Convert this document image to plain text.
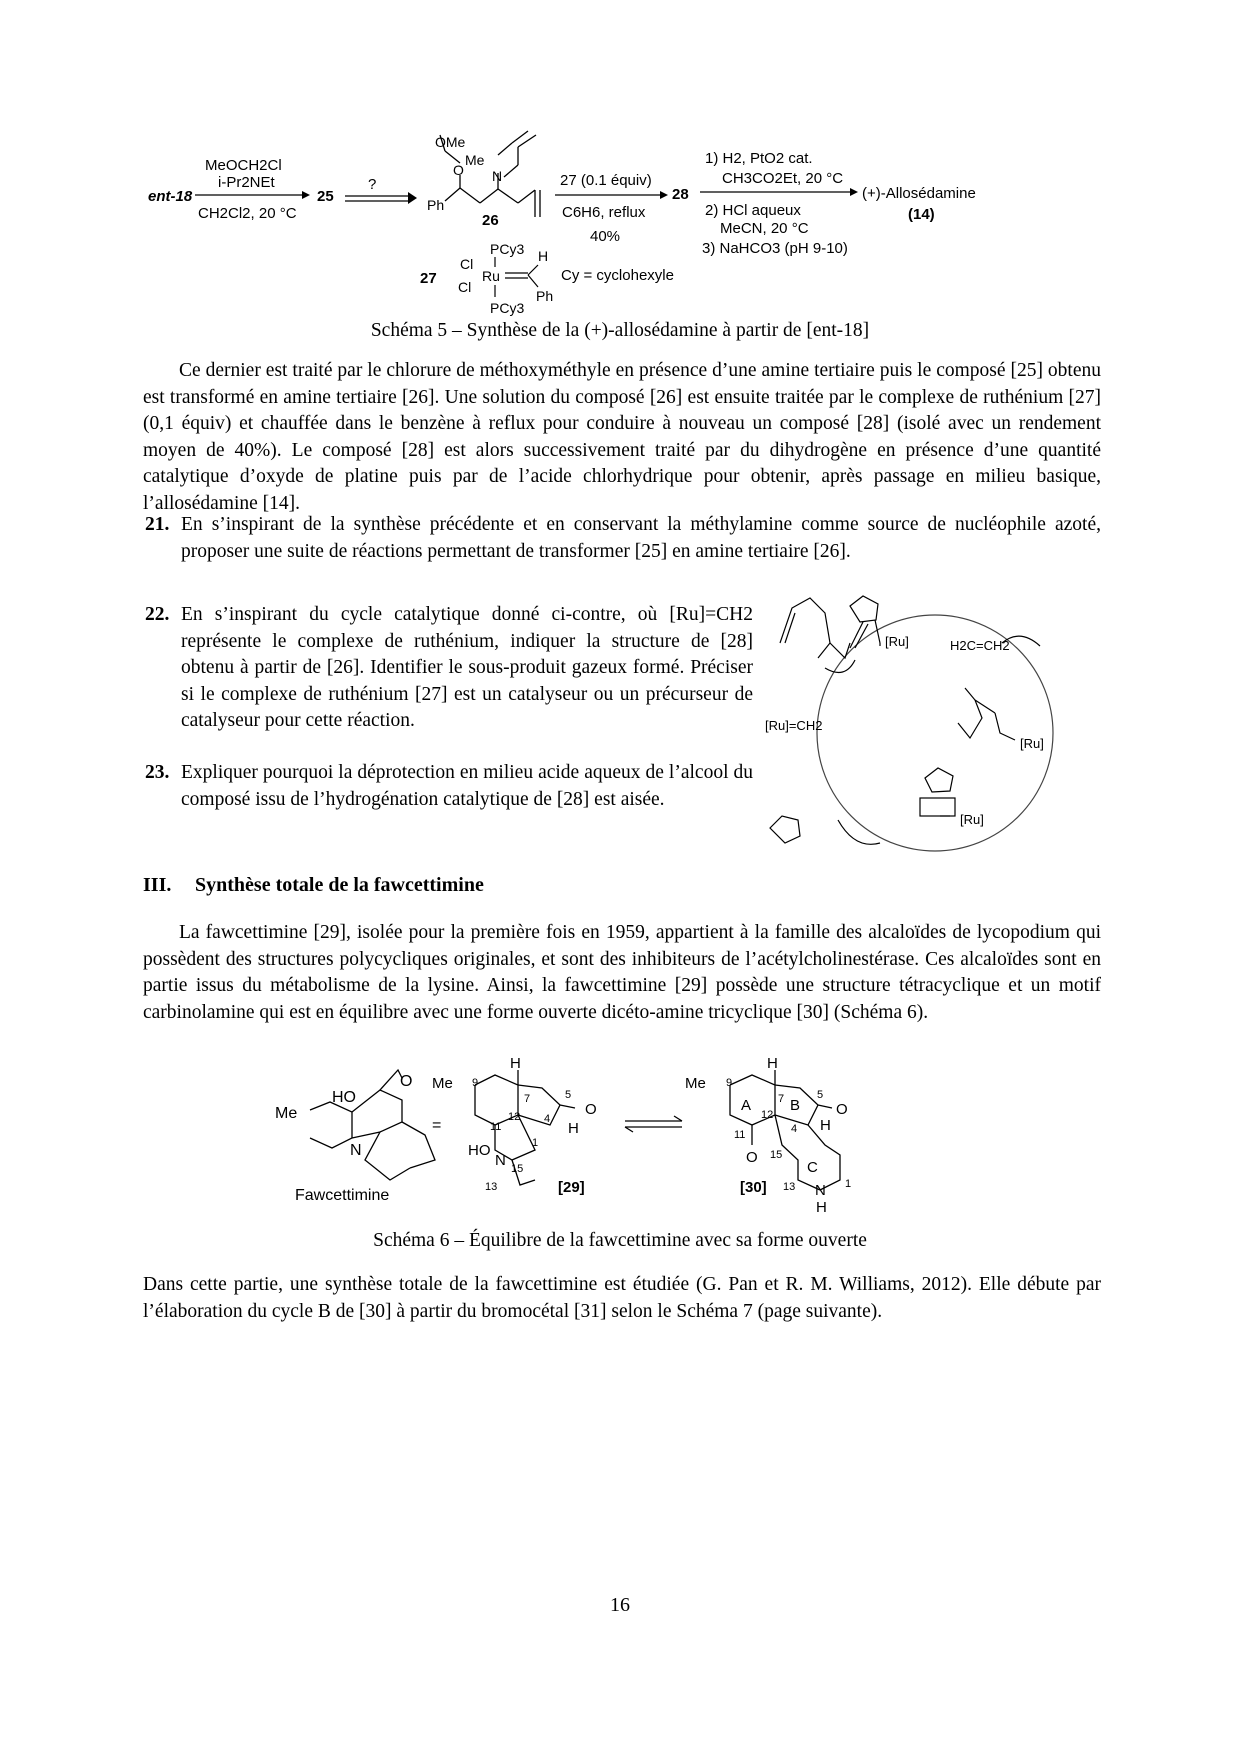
ent-18
MeOCH2Cl
i-Pr2NEt
CH2Cl2, 20 °C
25
?
OMe
O
Me
N
Ph
26
27 (0.1 équiv)
C6H6, reflux
40%
28
1) H2, PtO2 cat.
CH3CO2Et, 20 °C
2) HCl aqueux
MeCN, 20 °C
3) NaHCO3 (pH 9-10)
(+)-Allosédamine
(14)
27
PCy3 H
Cl
Ru
Cl
Ph
PCy3
Cy = cyclohexyle
Schéma 5 – Synthèse de la (+)-allosédamine à partir de [ent-18]
Ce dernier est traité par le chlorure de méthoxyméthyle en présence d’une amine tertiaire puis le composé [25] obtenu est transformé en amine tertiaire [26]. Une solution du composé [26] est ensuite traitée par le complexe de ruthénium [27] (0,1 équiv) et chauffée dans le benzène à reflux pour conduire à nouveau un composé [28] (isolé avec un rendement moyen de 40%). Le composé [28] est alors successivement traité par du dihydrogène en présence d’une quantité catalytique d’oxyde de platine puis par de l’acide chlorhydrique pour obtenir, après passage en milieu basique, l’allosédamine [14].
21. En s’inspirant de la synthèse précédente et en conservant la méthylamine comme source de nucléophile azoté, proposer une suite de réactions permettant de transformer [25] en amine tertiaire [26].
22. En s’inspirant du cycle catalytique donné ci-contre, où [Ru]=CH2 représente le complexe de ruthénium, indiquer la structure de [28] obtenu à partir de [26]. Identifier le sous-produit gazeux formé. Préciser si le complexe de ruthénium [27] est un catalyseur ou un précurseur de catalyseur pour cette réaction.
23. Expliquer pourquoi la déprotection en milieu acide aqueux de l’alcool du composé issu de l’hydrogénation catalytique de [28] est aisée.
[Ru]	H2C=CH2
[Ru]
[Ru]=CH2
[Ru]
III. Synthèse totale de la fawcettimine
La fawcettimine [29], isolée pour la première fois en 1959, appartient à la famille des alcaloïdes de lycopodium qui possèdent des structures polycycliques originales, et sont des inhibiteurs de l’acétylcholinestérase. Ces alcaloïdes sont en partie issus du métabolisme de la lysine. Ainsi, la fawcettimine [29] possède une structure tétracyclique et un motif carbinolamine qui est en équilibre avec une forme ouverte dicéto-amine tricyclique [30] (Schéma 6).
Me
HO
O
N
Fawcettimine
=
Me
H
O
H
HO
N
[29]
9
7	5
12 4
11
1
15
13
Me
H
A	B O
H
O
C
N
H
[30]
9
7	5
12
4
11
1
15
13
Schéma 6 – Équilibre de la fawcettimine avec sa forme ouverte
Dans cette partie, une synthèse totale de la fawcettimine est étudiée (G. Pan et R. M. Williams, 2012). Elle débute par l’élaboration du cycle B de [30] à partir du bromocétal [31] selon le Schéma 7 (page suivante).
16
